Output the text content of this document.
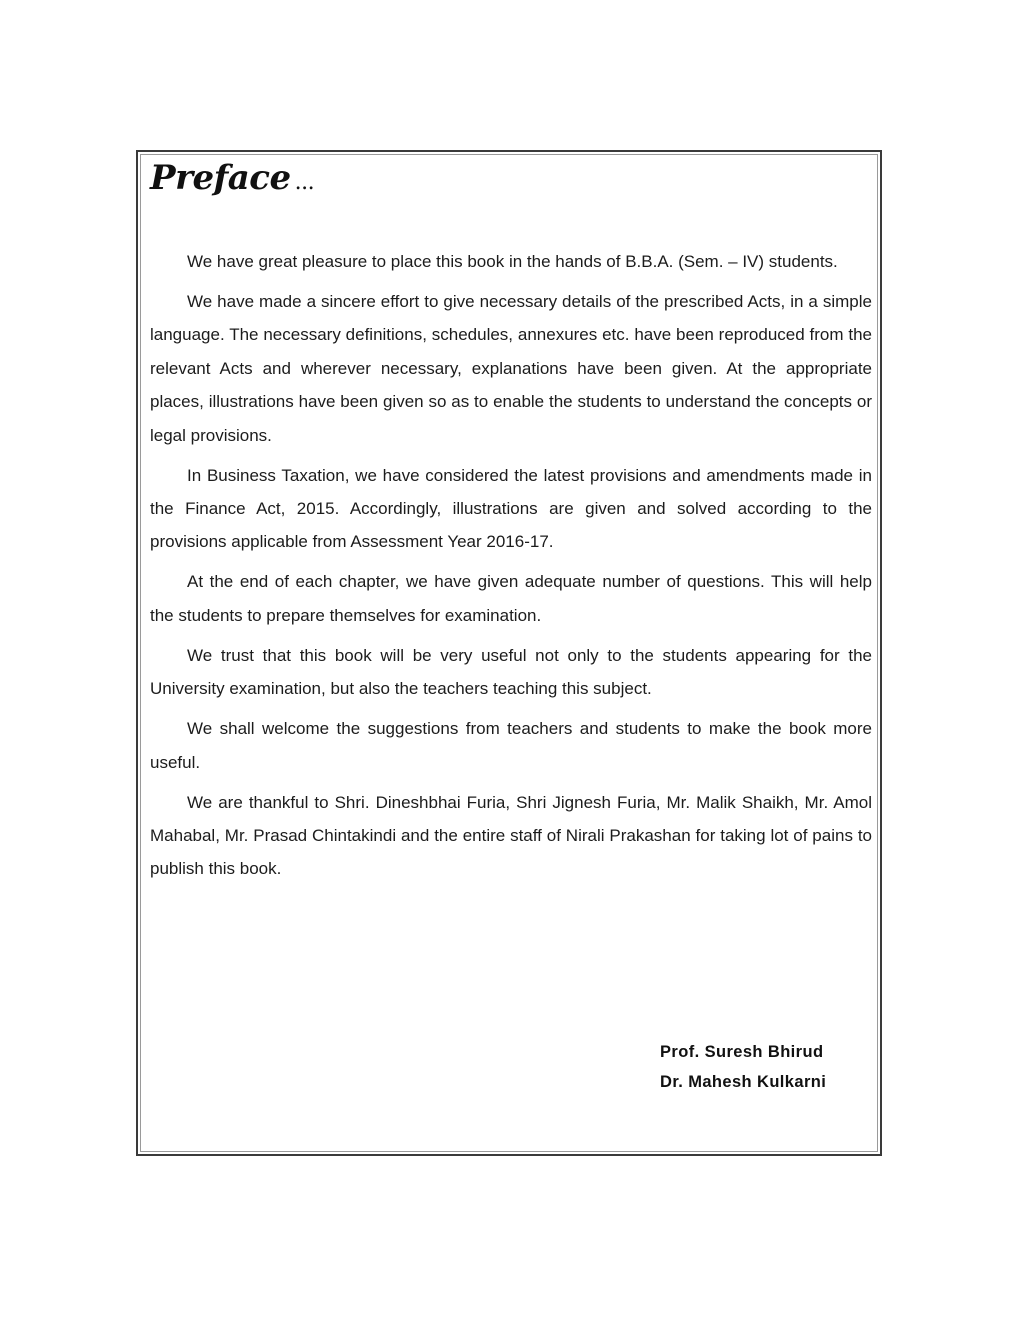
Preface ...

We have great pleasure to place this book in the hands of B.B.A. (Sem. – IV) students.

We have made a sincere effort to give necessary details of the prescribed Acts, in a simple language. The necessary definitions, schedules, annexures etc. have been reproduced from the relevant Acts and wherever necessary, explanations have been given. At the appropriate places, illustrations have been given so as to enable the students to understand the concepts or legal provisions.

In Business Taxation, we have considered the latest provisions and amendments made in the Finance Act, 2015. Accordingly, illustrations are given and solved according to the provisions applicable from Assessment Year 2016-17.

At the end of each chapter, we have given adequate number of questions. This will help the students to prepare themselves for examination.

We trust that this book will be very useful not only to the students appearing for the University examination, but also the teachers teaching this subject.

We shall welcome the suggestions from teachers and students to make the book more useful.

We are thankful to Shri. Dineshbhai Furia, Shri Jignesh Furia, Mr. Malik Shaikh, Mr. Amol Mahabal, Mr. Prasad Chintakindi and the entire staff of Nirali Prakashan for taking lot of pains to publish this book.

Prof. Suresh Bhirud
Dr. Mahesh Kulkarni
